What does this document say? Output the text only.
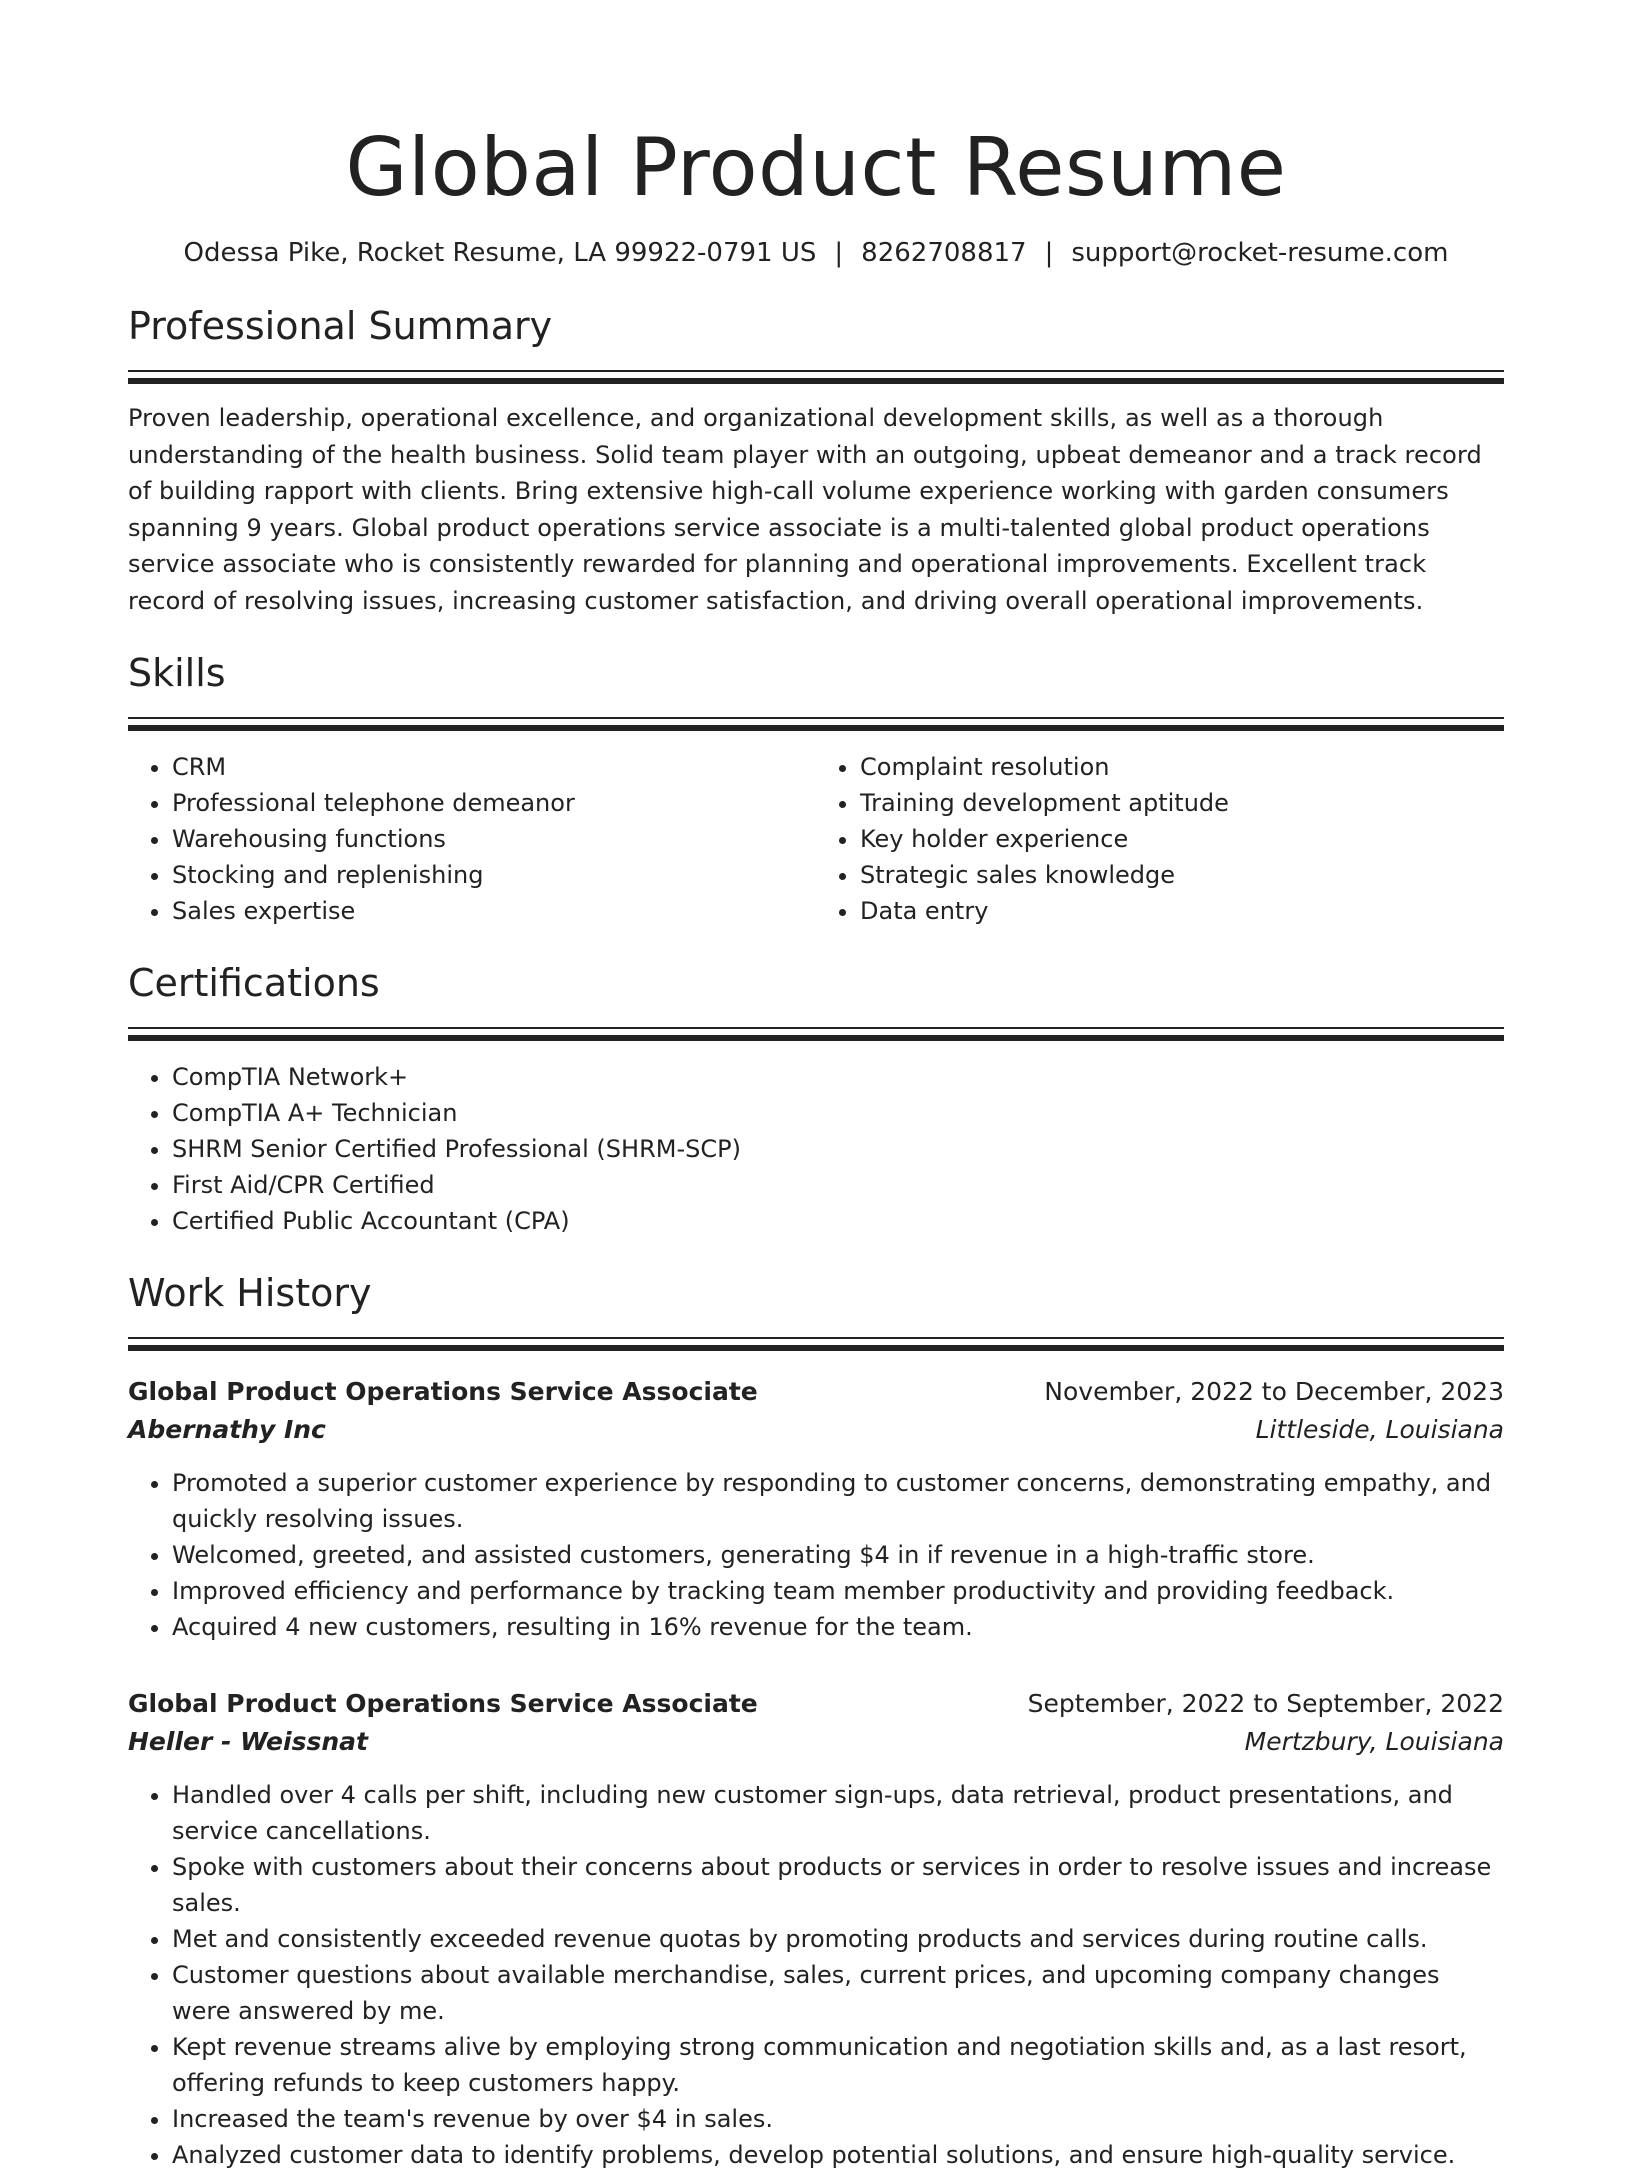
Global Product Resume
Odessa Pike, Rocket Resume, LA 99922-0791 US | 8262708817 | support@rocket-resume.com
Professional Summary

Proven leadership, operational excellence, and organizational development skills, as well as a thorough understanding of the health business. Solid team player with an outgoing, upbeat demeanor and a track record of building rapport with clients. Bring extensive high-call volume experience working with garden consumers spanning 9 years. Global product operations service associate is a multi-talented global product operations service associate who is consistently rewarded for planning and operational improvements. Excellent track record of resolving issues, increasing customer satisfaction, and driving overall operational improvements.

Skills
• CRM
• Professional telephone demeanor
• Warehousing functions
• Stocking and replenishing
• Sales expertise
• Complaint resolution
• Training development aptitude
• Key holder experience
• Strategic sales knowledge
• Data entry
Certifications
• CompTIA Network+
• CompTIA A+ Technician
• SHRM Senior Certified Professional (SHRM-SCP)
• First Aid/CPR Certified
• Certified Public Accountant (CPA)
Work History
Global Product Operations Service Associate	November, 2022 to December, 2023
Abernathy Inc	Littleside, Louisiana
• Promoted a superior customer experience by responding to customer concerns, demonstrating empathy, and quickly resolving issues.
• Welcomed, greeted, and assisted customers, generating $4 in if revenue in a high-traffic store.
• Improved efficiency and performance by tracking team member productivity and providing feedback.
• Acquired 4 new customers, resulting in 16% revenue for the team.
Global Product Operations Service Associate	September, 2022 to September, 2022
Heller - Weissnat	Mertzbury, Louisiana
• Handled over 4 calls per shift, including new customer sign-ups, data retrieval, product presentations, and service cancellations.
• Spoke with customers about their concerns about products or services in order to resolve issues and increase sales.
• Met and consistently exceeded revenue quotas by promoting products and services during routine calls.
• Customer questions about available merchandise, sales, current prices, and upcoming company changes were answered by me.
• Kept revenue streams alive by employing strong communication and negotiation skills and, as a last resort, offering refunds to keep customers happy.
• Increased the team's revenue by over $4 in sales.
• Analyzed customer data to identify problems, develop potential solutions, and ensure high-quality service.
